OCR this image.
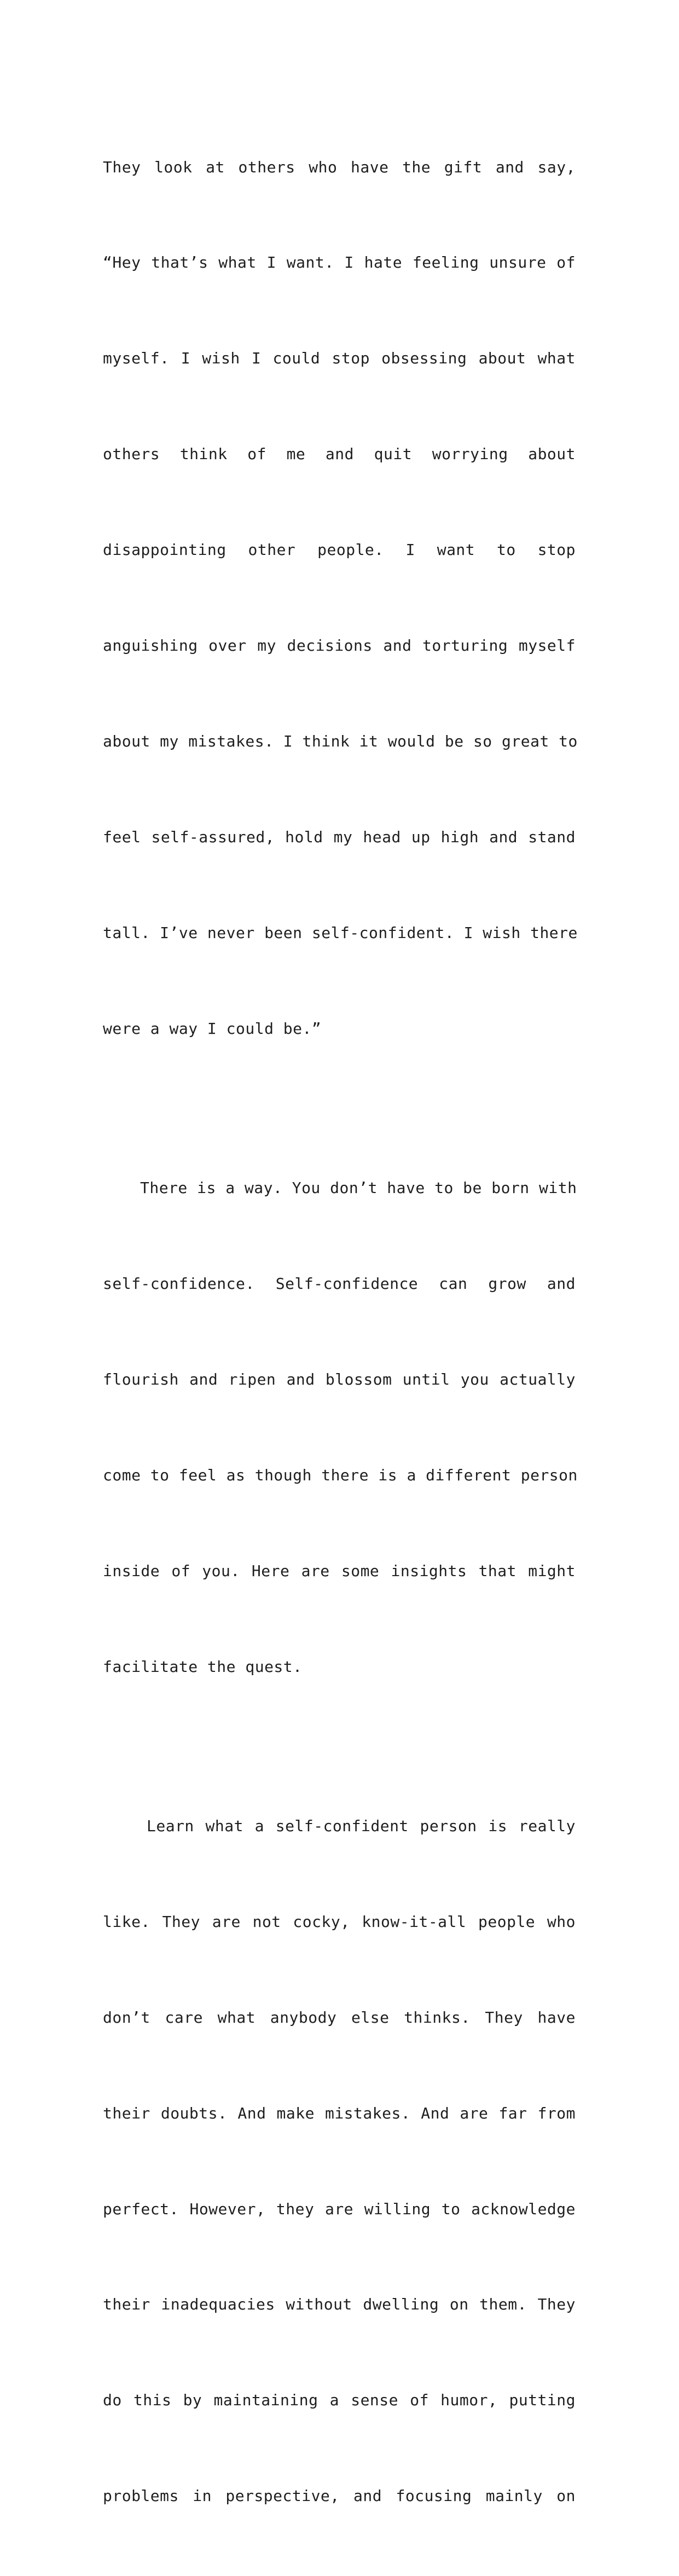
They look at others who have the gift and say,

“Hey that’s what I want. I hate feeling unsure of

myself. I wish I could stop obsessing about what

others think of me and quit worrying about

disappointing other people. I want to stop

anguishing over my decisions and torturing myself

about my mistakes. I think it would be so great to

feel self-assured, hold my head up high and stand

tall. I’ve never been self-confident. I wish there

were a way I could be.”

There is a way. You don’t have to be born with

self-confidence. Self-confidence can grow and

flourish and ripen and blossom until you actually

come to feel as though there is a different person

inside of you. Here are some insights that might

facilitate the quest.

Learn what a self-confident person is really

like. They are not cocky, know-it-all people who

don’t care what anybody else thinks. They have

their doubts. And make mistakes. And are far from

perfect. However, they are willing to acknowledge

their inadequacies without dwelling on them. They

do this by maintaining a sense of humor, putting

problems in perspective, and focusing mainly on
